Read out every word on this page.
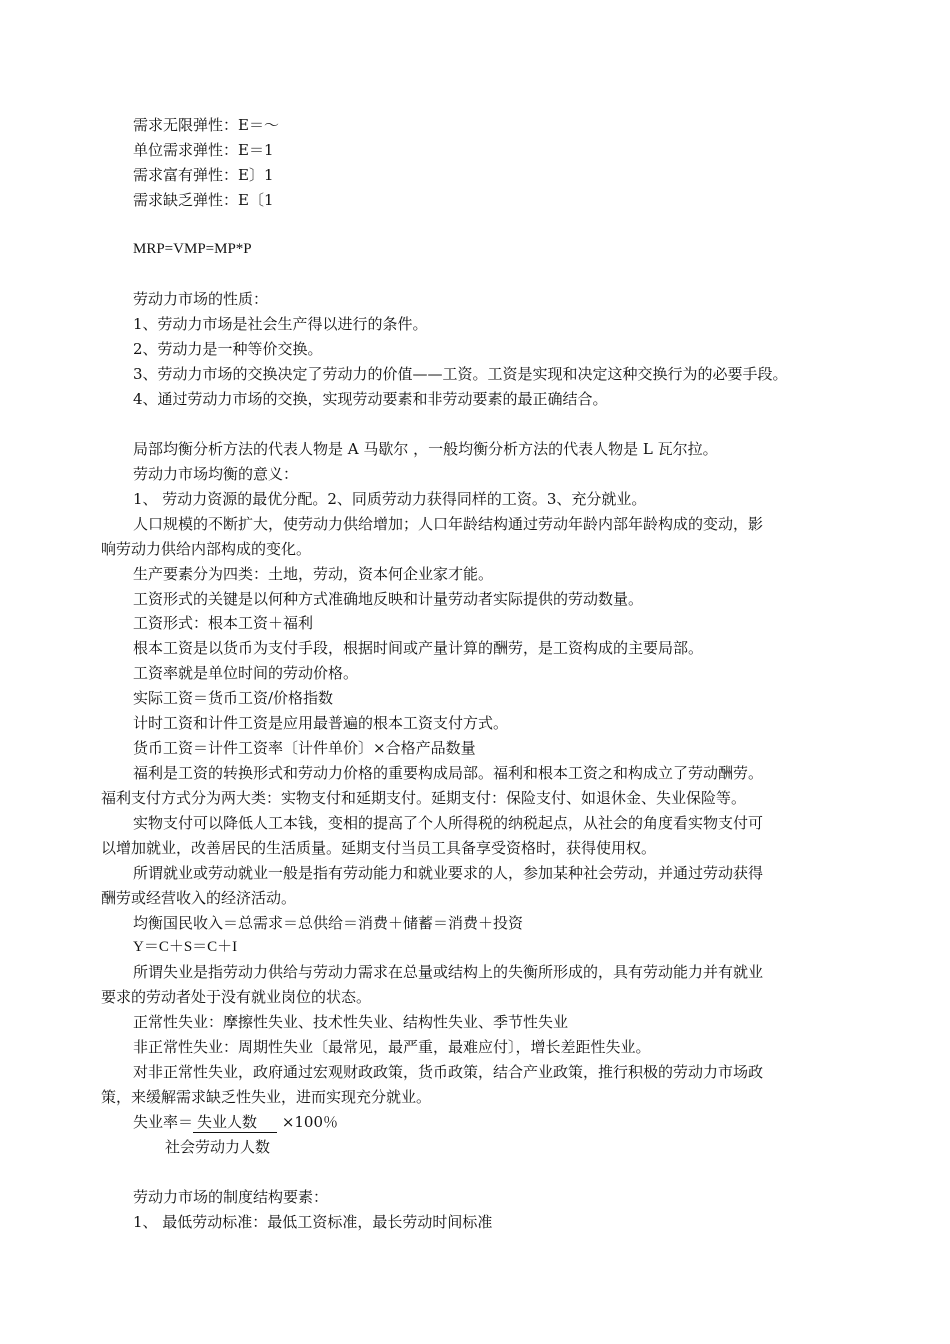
需求无限弹性：E＝～
单位需求弹性：E＝1
需求富有弹性：E〕1
需求缺乏弹性：E〔1
MRP=VMP=MP*P
劳动力市场的性质：
1、劳动力市场是社会生产得以进行的条件。
2、劳动力是一种等价交换。
3、劳动力市场的交换决定了劳动力的价值——工资。工资是实现和决定这种交换行为的必要手段。
4、通过劳动力市场的交换，实现劳动要素和非劳动要素的最正确结合。
局部均衡分析方法的代表人物是 A 马歇尔 ，一般均衡分析方法的代表人物是 L 瓦尔拉。
劳动力市场均衡的意义：
1、 劳动力资源的最优分配。2、同质劳动力获得同样的工资。3、充分就业。
人口规模的不断扩大，使劳动力供给增加；人口年龄结构通过劳动年龄内部年龄构成的变动，影
响劳动力供给内部构成的变化。
生产要素分为四类：土地，劳动，资本何企业家才能。
工资形式的关键是以何种方式准确地反映和计量劳动者实际提供的劳动数量。
工资形式：根本工资＋福利
根本工资是以货币为支付手段，根据时间或产量计算的酬劳，是工资构成的主要局部。
工资率就是单位时间的劳动价格。
实际工资＝货币工资/价格指数
计时工资和计件工资是应用最普遍的根本工资支付方式。
货币工资＝计件工资率〔计件单价〕×合格产品数量
福利是工资的转换形式和劳动力价格的重要构成局部。福利和根本工资之和构成立了劳动酬劳。
福利支付方式分为两大类：实物支付和延期支付。延期支付：保险支付、如退休金、失业保险等。
实物支付可以降低人工本钱，变相的提高了个人所得税的纳税起点，从社会的角度看实物支付可
以增加就业，改善居民的生活质量。延期支付当员工具备享受资格时，获得使用权。
所谓就业或劳动就业一般是指有劳动能力和就业要求的人，参加某种社会劳动，并通过劳动获得
酬劳或经营收入的经济活动。
均衡国民收入＝总需求＝总供给＝消费＋储蓄＝消费＋投资
Y＝C＋S＝C＋I
所谓失业是指劳动力供给与劳动力需求在总量或结构上的失衡所形成的，具有劳动能力并有就业
要求的劳动者处于没有就业岗位的状态。
正常性失业：摩擦性失业、技术性失业、结构性失业、季节性失业
非正常性失业：周期性失业〔最常见，最严重，最难应付〕，增长差距性失业。
对非正常性失业，政府通过宏观财政政策，货币政策，结合产业政策，推行积极的劳动力市场政
策，来缓解需求缺乏性失业，进而实现充分就业。
失业率＝ 失业人数 ×100％
社会劳动力人数
劳动力市场的制度结构要素：
1、 最低劳动标准：最低工资标准，最长劳动时间标准
